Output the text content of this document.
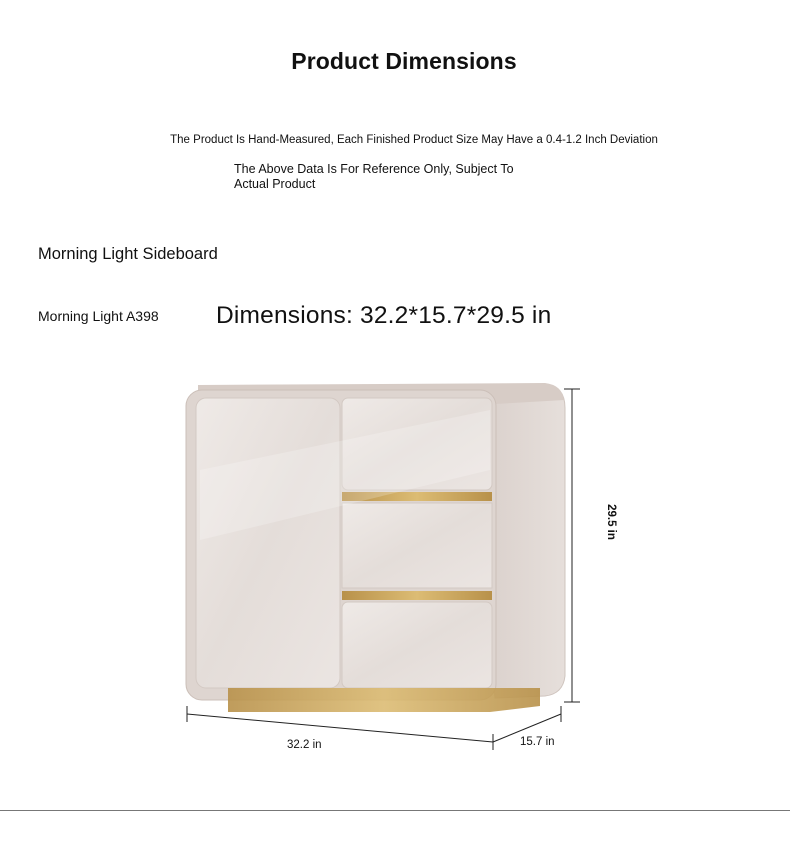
Product Dimensions
The Product Is Hand-Measured, Each Finished Product Size May Have a 0.4-1.2 Inch Deviation
The Above Data Is For Reference Only, Subject To Actual Product
Morning Light Sideboard
Morning Light A398 Dimensions: 32.2*15.7*29.5 in
32.2 in	15.7 in
29.5 in
